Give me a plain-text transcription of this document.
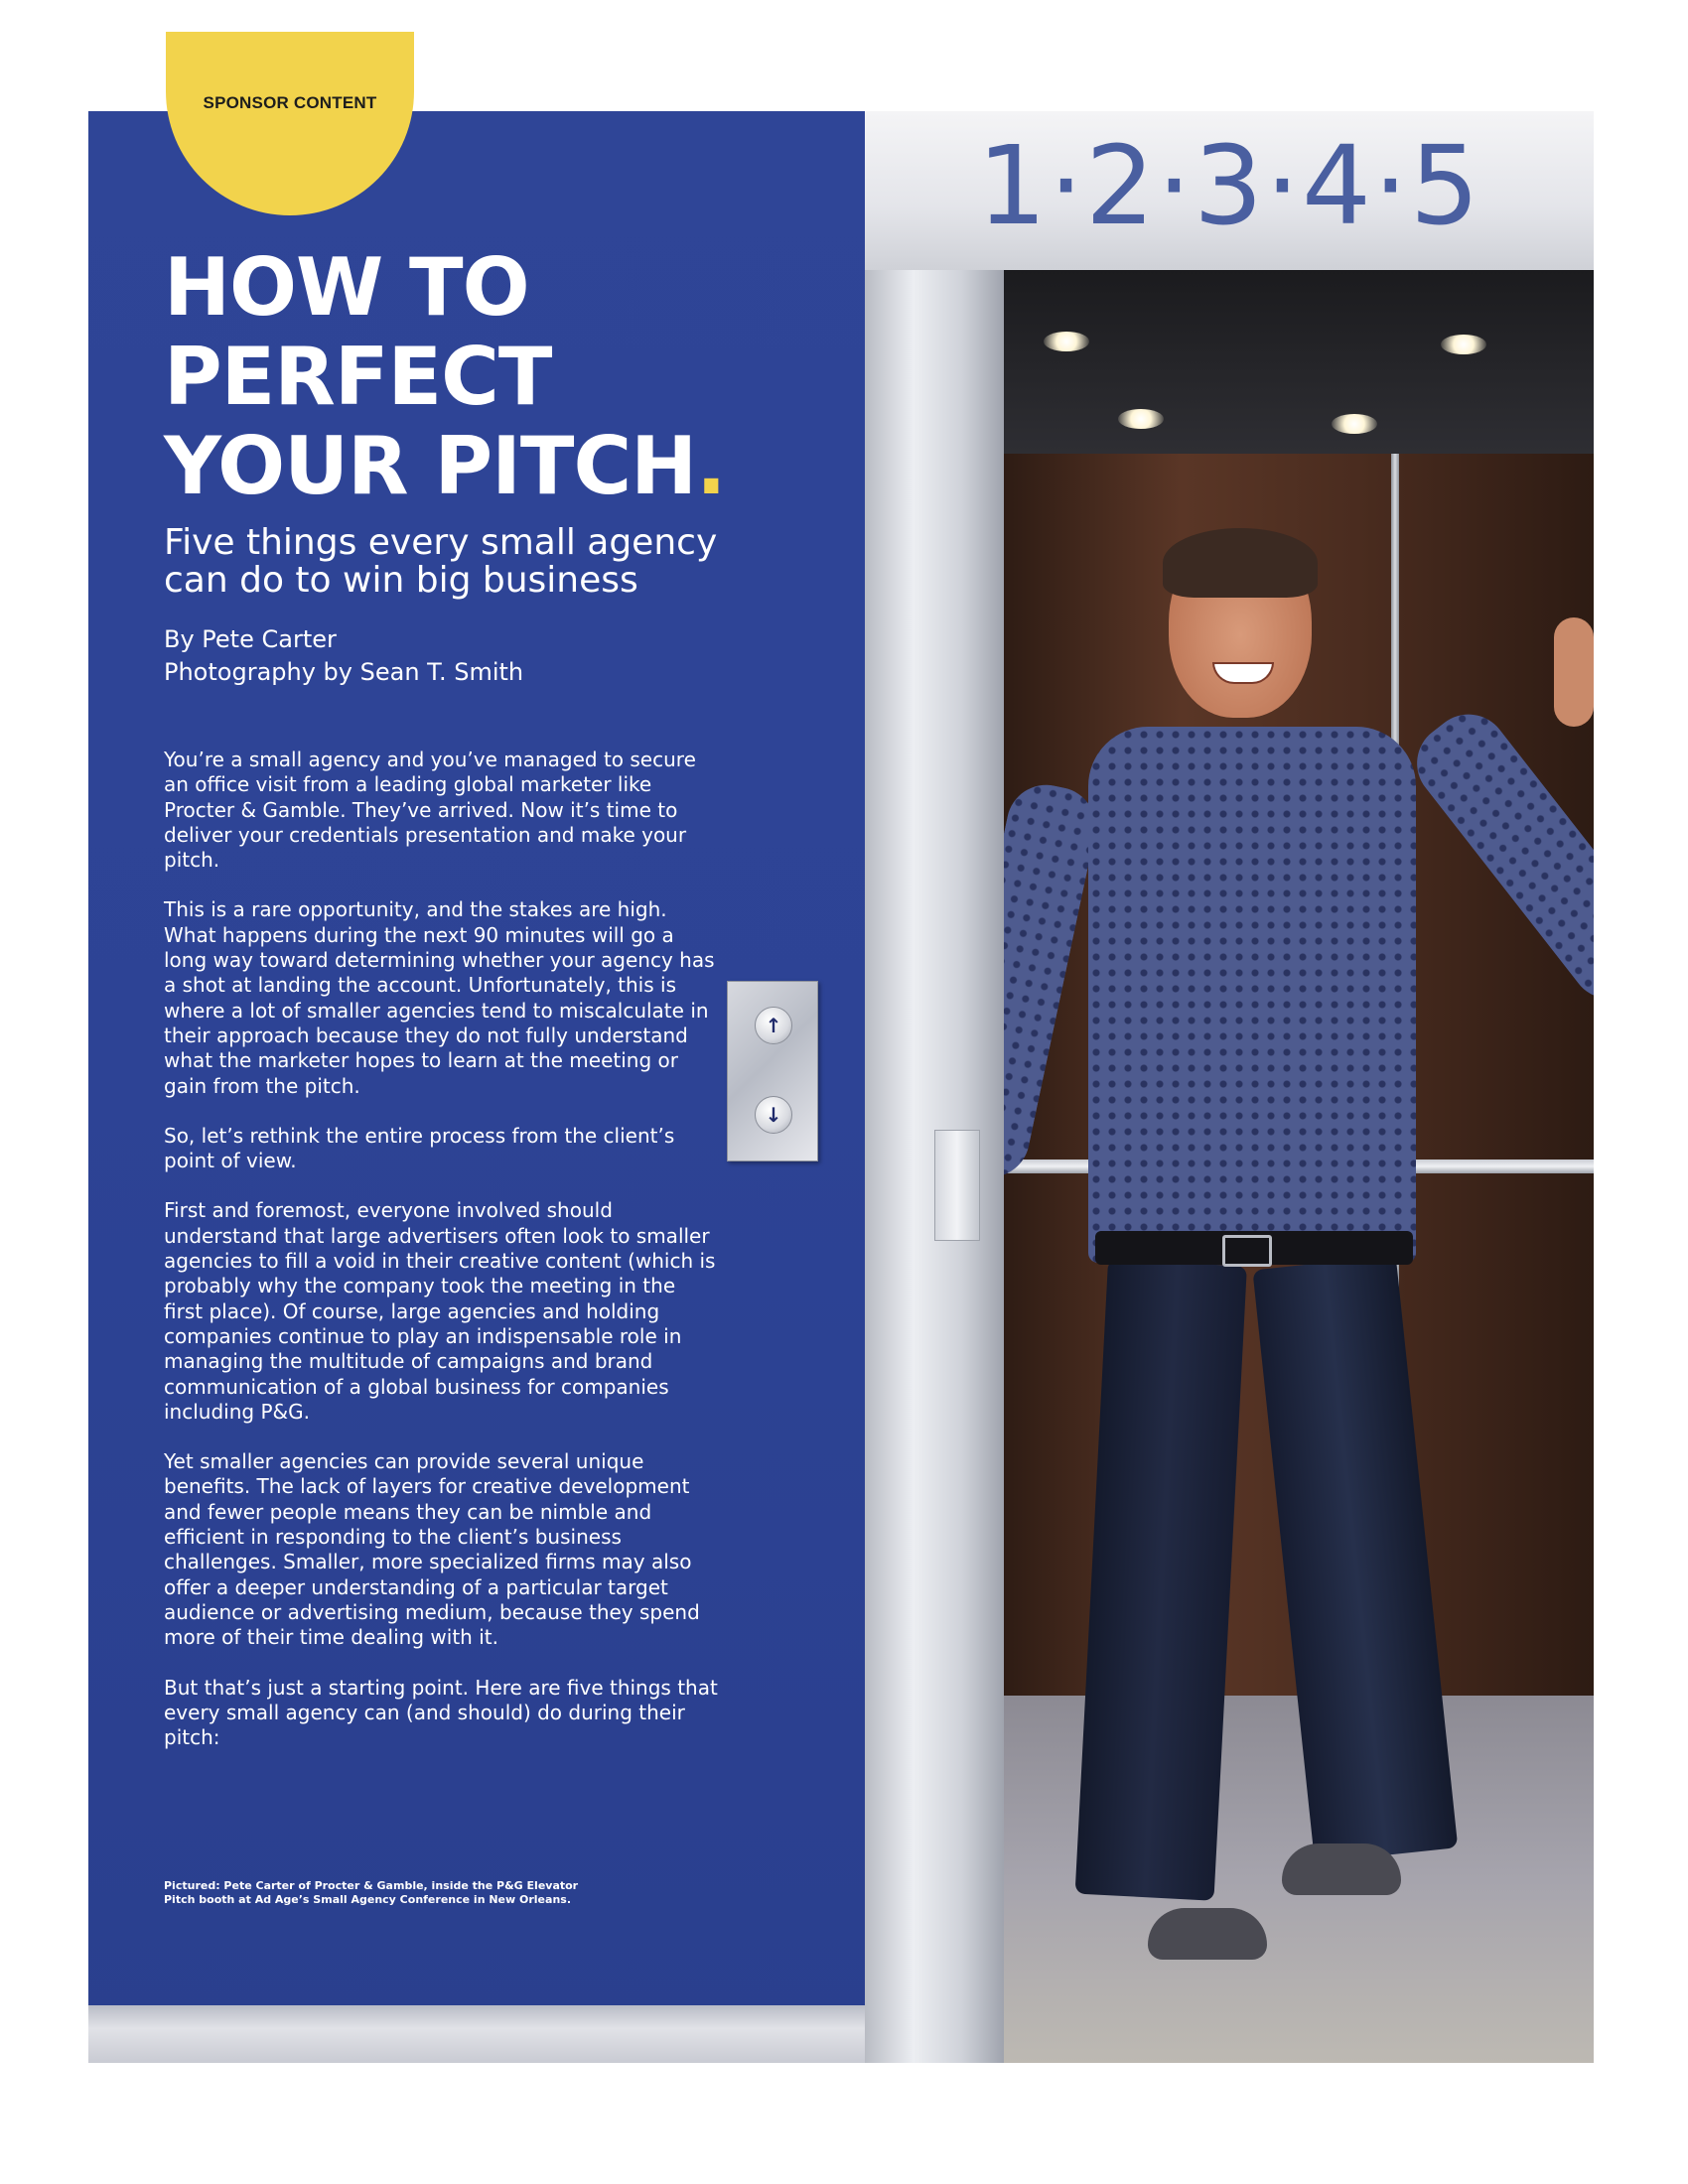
SPONSOR CONTENT
HOW TO
PERFECT
YOUR PITCH.
Five things every small agency
can do to win big business
By Pete Carter
Photography by Sean T. Smith

You’re a small agency and you’ve managed to secure an office visit from a leading global marketer like Procter & Gamble. They’ve arrived. Now it’s time to deliver your credentials presentation and make your pitch.

This is a rare opportunity, and the stakes are high. What happens during the next 90 minutes will go a long way toward determining whether your agency has a shot at landing the account. Unfortunately, this is where a lot of smaller agencies tend to miscalculate in their approach because they do not fully understand what the marketer hopes to learn at the meeting or gain from the pitch.

So, let’s rethink the entire process from the client’s point of view.

First and foremost, everyone involved should understand that large advertisers often look to smaller agencies to fill a void in their creative content (which is probably why the company took the meeting in the first place). Of course, large agencies and holding companies continue to play an indispensable role in managing the multitude of campaigns and brand communication of a global business for companies including P&G.

Yet smaller agencies can provide several unique benefits. The lack of layers for creative development and fewer people means they can be nimble and efficient in responding to the client’s business challenges. Smaller, more specialized firms may also offer a deeper understanding of a particular target audience or advertising medium, because they spend more of their time dealing with it.

But that’s just a starting point. Here are five things that every small agency can (and should) do during their pitch:

Pictured: Pete Carter of Procter & Gamble, inside the P&G Elevator
Pitch booth at Ad Age’s Small Agency Conference in New Orleans.
↑
↓
1·2·3·4·5
